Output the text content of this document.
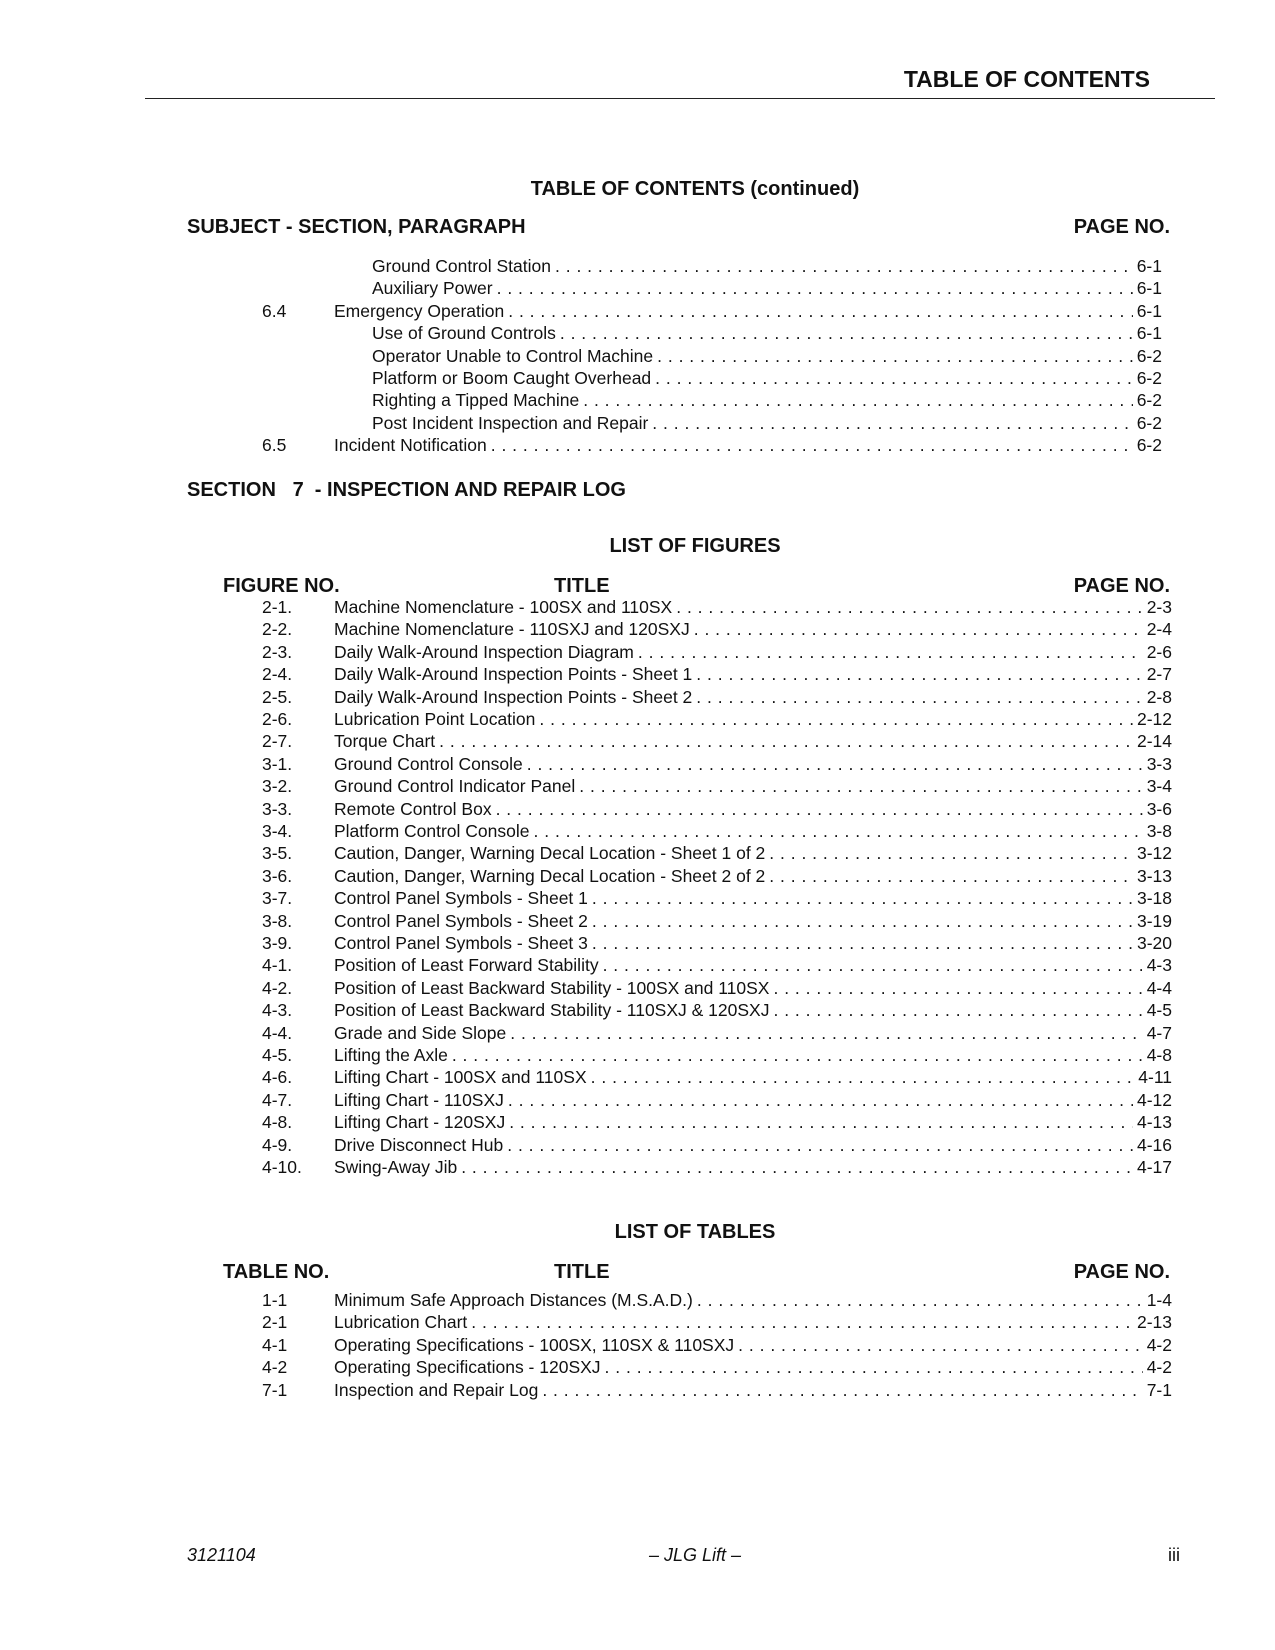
TABLE OF CONTENTS
TABLE OF CONTENTS (continued)
SUBJECT - SECTION, PARAGRAPH	PAGE NO.
Ground Control Station . . .	6-1
Auxiliary Power . . .	6-1
6.4	Emergency Operation . . .	6-1
Use of Ground Controls . . .	6-1
Operator Unable to Control Machine . . .	6-2
Platform or Boom Caught Overhead . . .	6-2
Righting a Tipped Machine . . .	6-2
Post Incident Inspection and Repair . . .	6-2
6.5	Incident Notification . . .	6-2
SECTION   7  - INSPECTION AND REPAIR LOG
LIST OF FIGURES
FIGURE NO.	TITLE	PAGE NO.
2-1. Machine Nomenclature - 100SX and 110SX . . .	2-3
2-2. Machine Nomenclature - 110SXJ and 120SXJ . . .	2-4
2-3. Daily Walk-Around Inspection Diagram . . .	2-6
2-4. Daily Walk-Around Inspection Points - Sheet 1 . . .	2-7
2-5. Daily Walk-Around Inspection Points - Sheet 2 . . .	2-8
2-6. Lubrication Point Location . . .	2-12
2-7. Torque Chart . . .	2-14
3-1. Ground Control Console . . .	3-3
3-2. Ground Control Indicator Panel . . .	3-4
3-3. Remote Control Box . . .	3-6
3-4. Platform Control Console . . .	3-8
3-5. Caution, Danger, Warning Decal Location - Sheet 1 of 2 . . .	3-12
3-6. Caution, Danger, Warning Decal Location - Sheet 2 of 2 . . .	3-13
3-7. Control Panel Symbols - Sheet 1 . . .	3-18
3-8. Control Panel Symbols - Sheet 2 . . .	3-19
3-9. Control Panel Symbols - Sheet 3 . . .	3-20
4-1. Position of Least Forward Stability . . .	4-3
4-2. Position of Least Backward Stability - 100SX and 110SX . . .	4-4
4-3. Position of Least Backward Stability - 110SXJ & 120SXJ . . .	4-5
4-4. Grade and Side Slope . . .	4-7
4-5. Lifting the Axle . . .	4-8
4-6. Lifting Chart - 100SX and 110SX . . .	4-11
4-7. Lifting Chart - 110SXJ . . .	4-12
4-8. Lifting Chart - 120SXJ . . .	4-13
4-9. Drive Disconnect Hub . . .	4-16
4-10. Swing-Away Jib . . .	4-17
LIST OF TABLES
TABLE NO.	TITLE	PAGE NO.
1-1	Minimum Safe Approach Distances (M.S.A.D.) . . .	1-4
2-1	Lubrication Chart . . .	2-13
4-1	Operating Specifications - 100SX, 110SX & 110SXJ . . .	4-2
4-2	Operating Specifications - 120SXJ . . .	4-2
7-1	Inspection and Repair Log . . .	7-1
3121104	– JLG Lift –	iii
